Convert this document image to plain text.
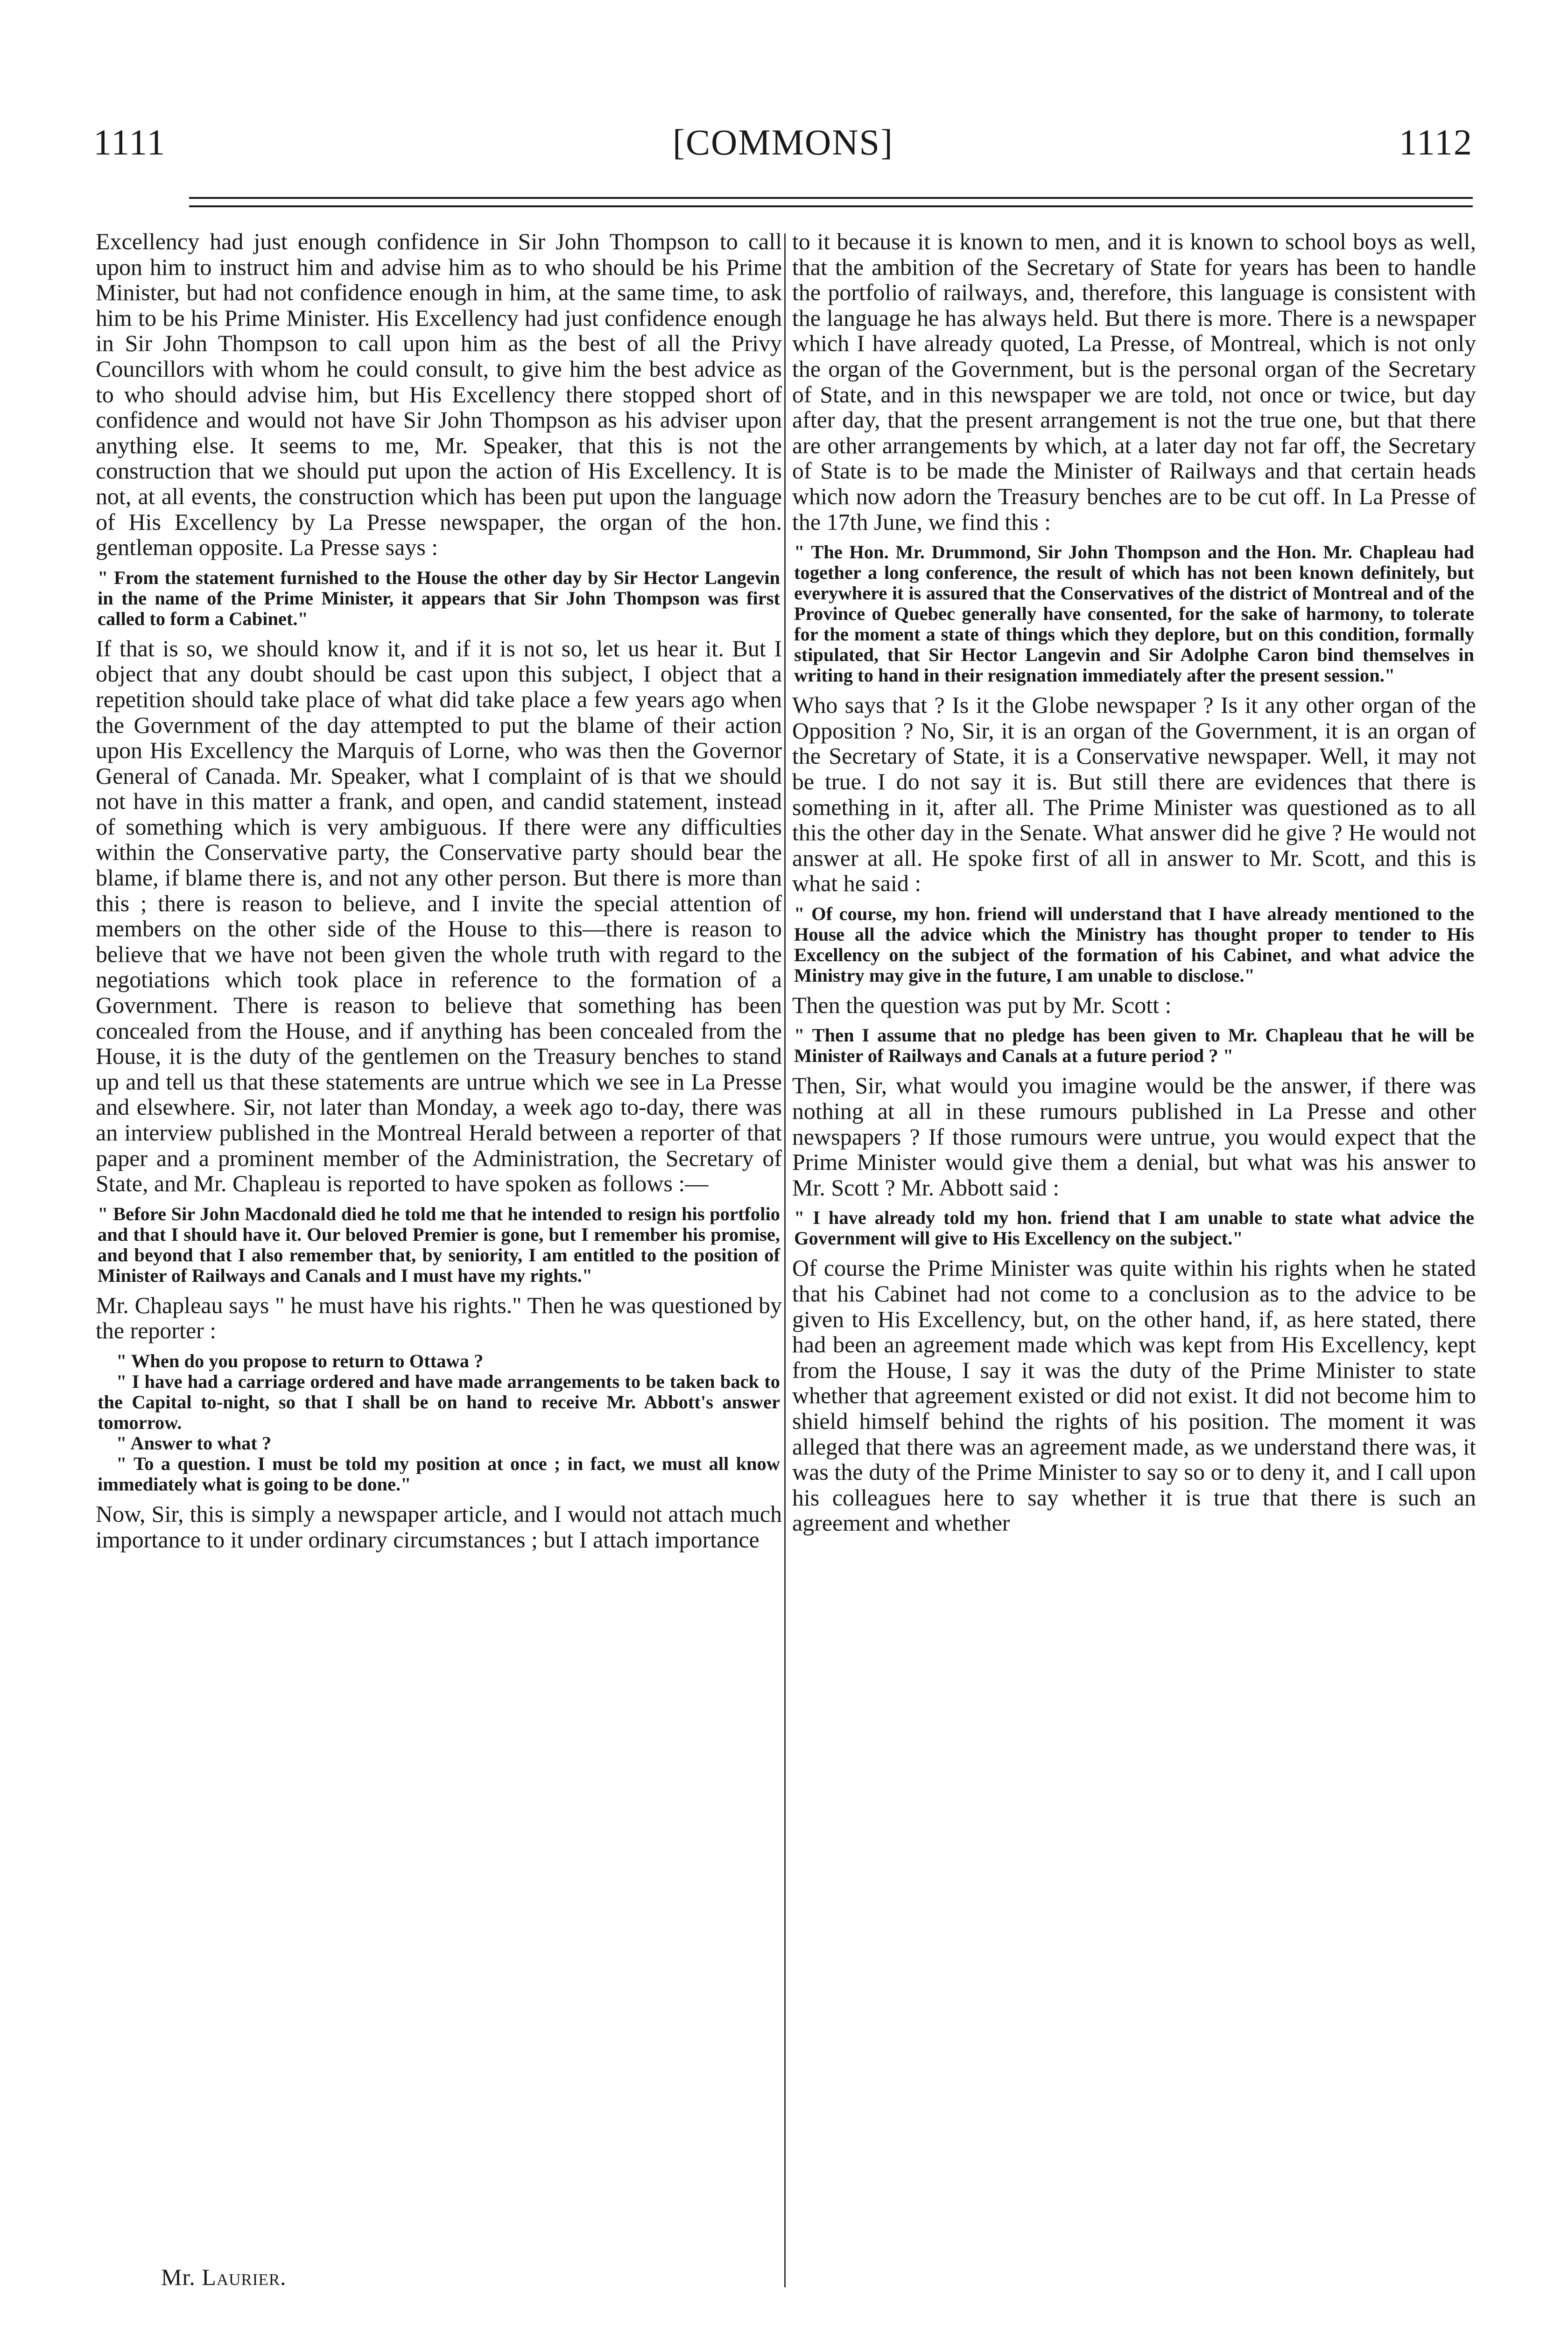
1111	[COMMONS]	1112

Excellency had just enough confidence in Sir John Thompson to call upon him to instruct him and advise him as to who should be his Prime Minister, but had not confidence enough in him, at the same time, to ask him to be his Prime Minister. His Excellency had just confidence enough in Sir John Thompson to call upon him as the best of all the Privy Councillors with whom he could consult, to give him the best advice as to who should advise him, but His Excellency there stopped short of confidence and would not have Sir John Thompson as his adviser upon anything else. It seems to me, Mr. Speaker, that this is not the construction that we should put upon the action of His Excellency. It is not, at all events, the construction which has been put upon the language of His Excellency by La Presse newspaper, the organ of the hon. gentleman opposite. La Presse says :

" From the statement furnished to the House the other day by Sir Hector Langevin in the name of the Prime Minister, it appears that Sir John Thompson was first called to form a Cabinet."

If that is so, we should know it, and if it is not so, let us hear it. But I object that any doubt should be cast upon this subject, I object that a repetition should take place of what did take place a few years ago when the Government of the day attempted to put the blame of their action upon His Excellency the Marquis of Lorne, who was then the Governor General of Canada. Mr. Speaker, what I complaint of is that we should not have in this matter a frank, and open, and candid statement, instead of something which is very ambiguous. If there were any difficulties within the Conservative party, the Conservative party should bear the blame, if blame there is, and not any other person. But there is more than this ; there is reason to believe, and I invite the special attention of members on the other side of the House to this—there is reason to believe that we have not been given the whole truth with regard to the negotiations which took place in reference to the formation of a Government. There is reason to believe that something has been concealed from the House, and if anything has been concealed from the House, it is the duty of the gentlemen on the Treasury benches to stand up and tell us that these statements are untrue which we see in La Presse and elsewhere. Sir, not later than Monday, a week ago to-day, there was an interview published in the Montreal Herald between a reporter of that paper and a prominent member of the Administration, the Secretary of State, and Mr. Chapleau is reported to have spoken as follows :—

" Before Sir John Macdonald died he told me that he intended to resign his portfolio and that I should have it. Our beloved Premier is gone, but I remember his promise, and beyond that I also remember that, by seniority, I am entitled to the position of Minister of Railways and Canals and I must have my rights."

Mr. Chapleau says " he must have his rights." Then he was questioned by the reporter :

" When do you propose to return to Ottawa ?
" I have had a carriage ordered and have made arrangements to be taken back to the Capital to-night, so that I shall be on hand to receive Mr. Abbott's answer tomorrow.
" Answer to what ?
" To a question. I must be told my position at once ; in fact, we must all know immediately what is going to be done."

Now, Sir, this is simply a newspaper article, and I would not attach much importance to it under ordinary circumstances ; but I attach importance

Mr. Laurier.

to it because it is known to men, and it is known to school boys as well, that the ambition of the Secretary of State for years has been to handle the portfolio of railways, and, therefore, this language is consistent with the language he has always held. But there is more. There is a newspaper which I have already quoted, La Presse, of Montreal, which is not only the organ of the Government, but is the personal organ of the Secretary of State, and in this newspaper we are told, not once or twice, but day after day, that the present arrangement is not the true one, but that there are other arrangements by which, at a later day not far off, the Secretary of State is to be made the Minister of Railways and that certain heads which now adorn the Treasury benches are to be cut off. In La Presse of the 17th June, we find this :

" The Hon. Mr. Drummond, Sir John Thompson and the Hon. Mr. Chapleau had together a long conference, the result of which has not been known definitely, but everywhere it is assured that the Conservatives of the district of Montreal and of the Province of Quebec generally have consented, for the sake of harmony, to tolerate for the moment a state of things which they deplore, but on this condition, formally stipulated, that Sir Hector Langevin and Sir Adolphe Caron bind themselves in writing to hand in their resignation immediately after the present session."

Who says that ? Is it the Globe newspaper ? Is it any other organ of the Opposition ? No, Sir, it is an organ of the Government, it is an organ of the Secretary of State, it is a Conservative newspaper. Well, it may not be true. I do not say it is. But still there are evidences that there is something in it, after all. The Prime Minister was questioned as to all this the other day in the Senate. What answer did he give ? He would not answer at all. He spoke first of all in answer to Mr. Scott, and this is what he said :

" Of course, my hon. friend will understand that I have already mentioned to the House all the advice which the Ministry has thought proper to tender to His Excellency on the subject of the formation of his Cabinet, and what advice the Ministry may give in the future, I am unable to disclose."

Then the question was put by Mr. Scott :

" Then I assume that no pledge has been given to Mr. Chapleau that he will be Minister of Railways and Canals at a future period ? "

Then, Sir, what would you imagine would be the answer, if there was nothing at all in these rumours published in La Presse and other newspapers ? If those rumours were untrue, you would expect that the Prime Minister would give them a denial, but what was his answer to Mr. Scott ? Mr. Abbott said :

" I have already told my hon. friend that I am unable to state what advice the Government will give to His Excellency on the subject."

Of course the Prime Minister was quite within his rights when he stated that his Cabinet had not come to a conclusion as to the advice to be given to His Excellency, but, on the other hand, if, as here stated, there had been an agreement made which was kept from His Excellency, kept from the House, I say it was the duty of the Prime Minister to state whether that agreement existed or did not exist. It did not become him to shield himself behind the rights of his position. The moment it was alleged that there was an agreement made, as we understand there was, it was the duty of the Prime Minister to say so or to deny it, and I call upon his colleagues here to say whether it is true that there is such an agreement and whether
